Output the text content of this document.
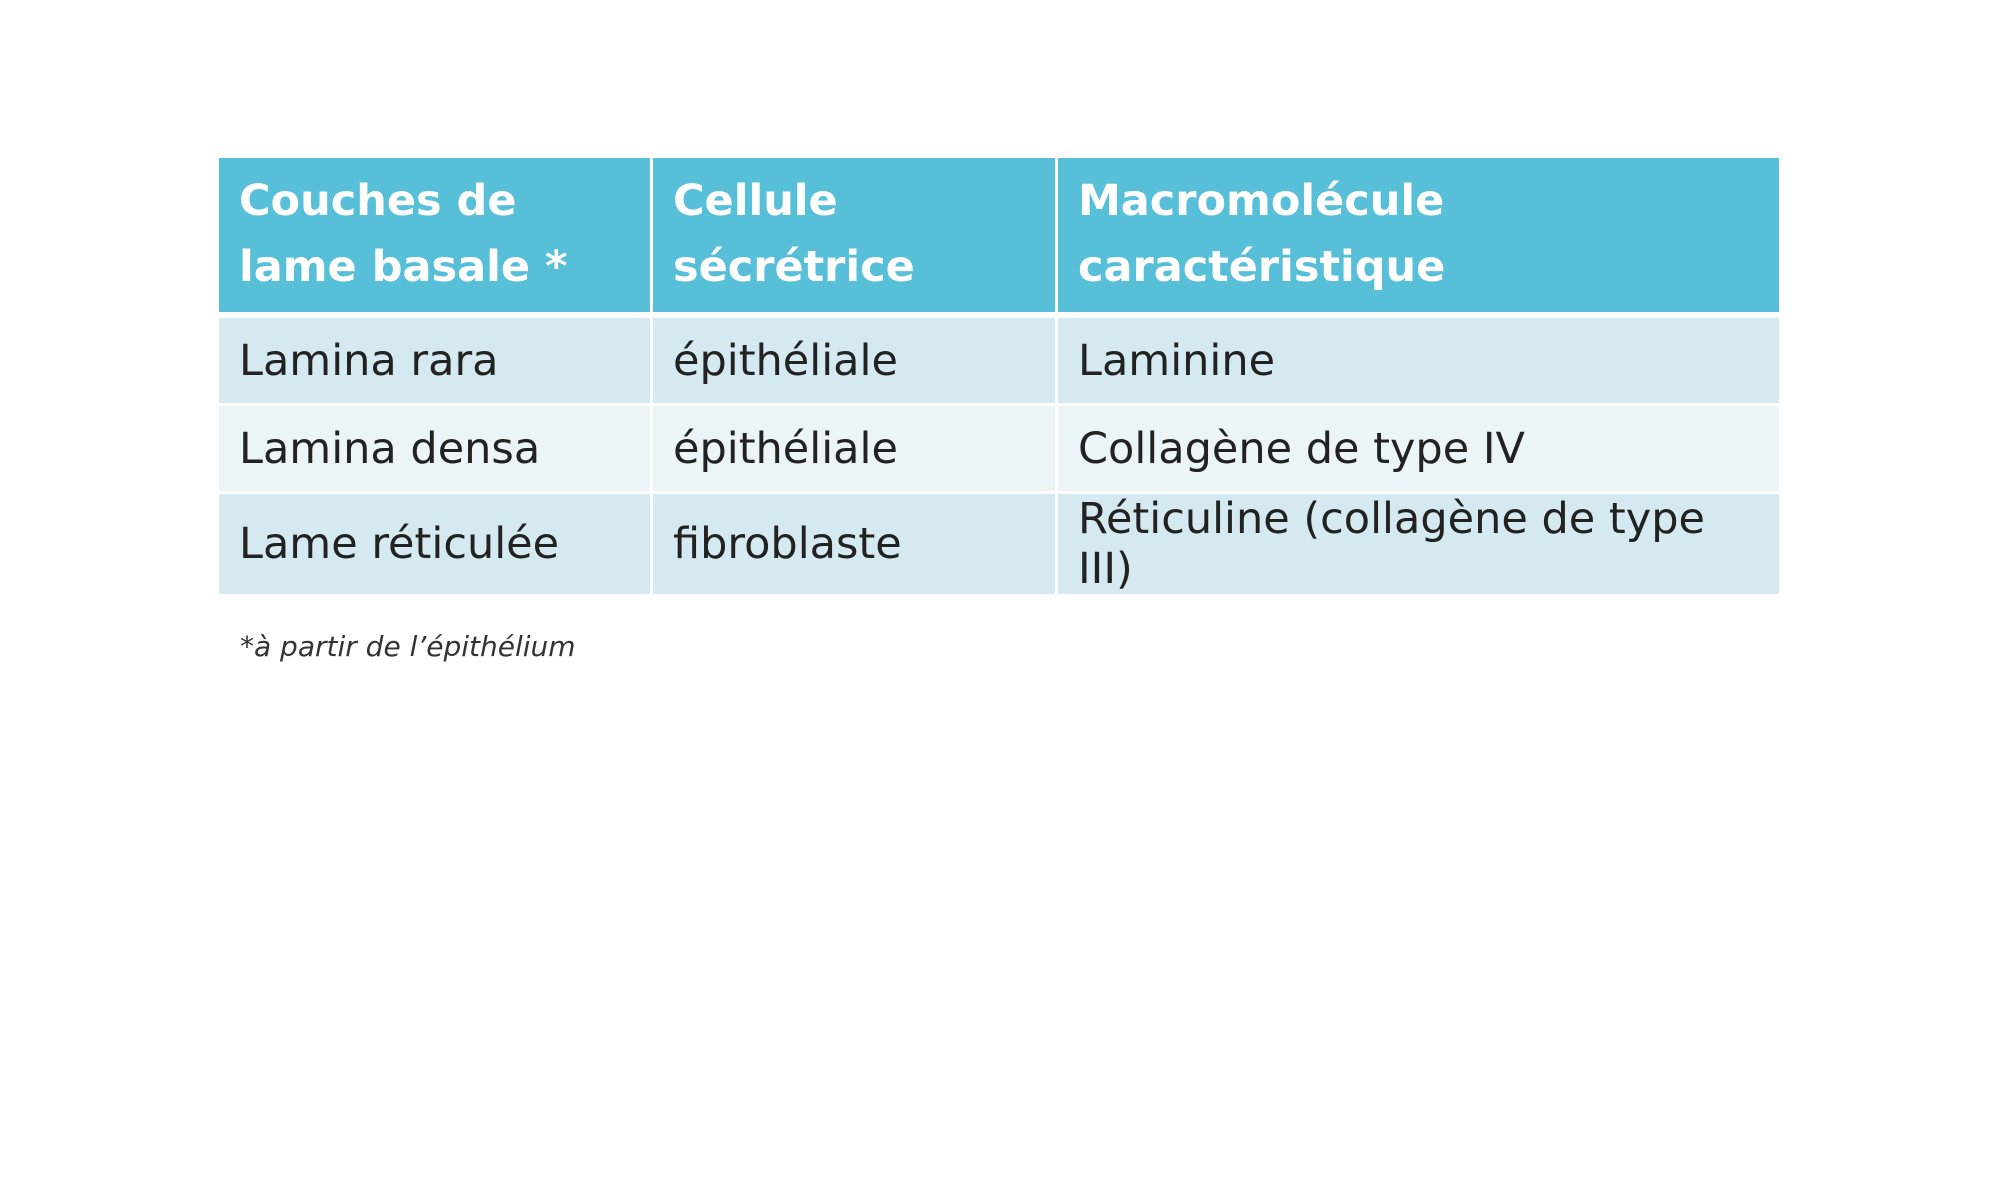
Couches de lame basale *	Cellule sécrétrice	Macromolécule caractéristique
Lamina rara	épithéliale	Laminine
Lamina densa	épithéliale	Collagène de type IV
Lame réticulée	fibroblaste	Réticuline (collagène de type III)
*à partir de l’épithélium
